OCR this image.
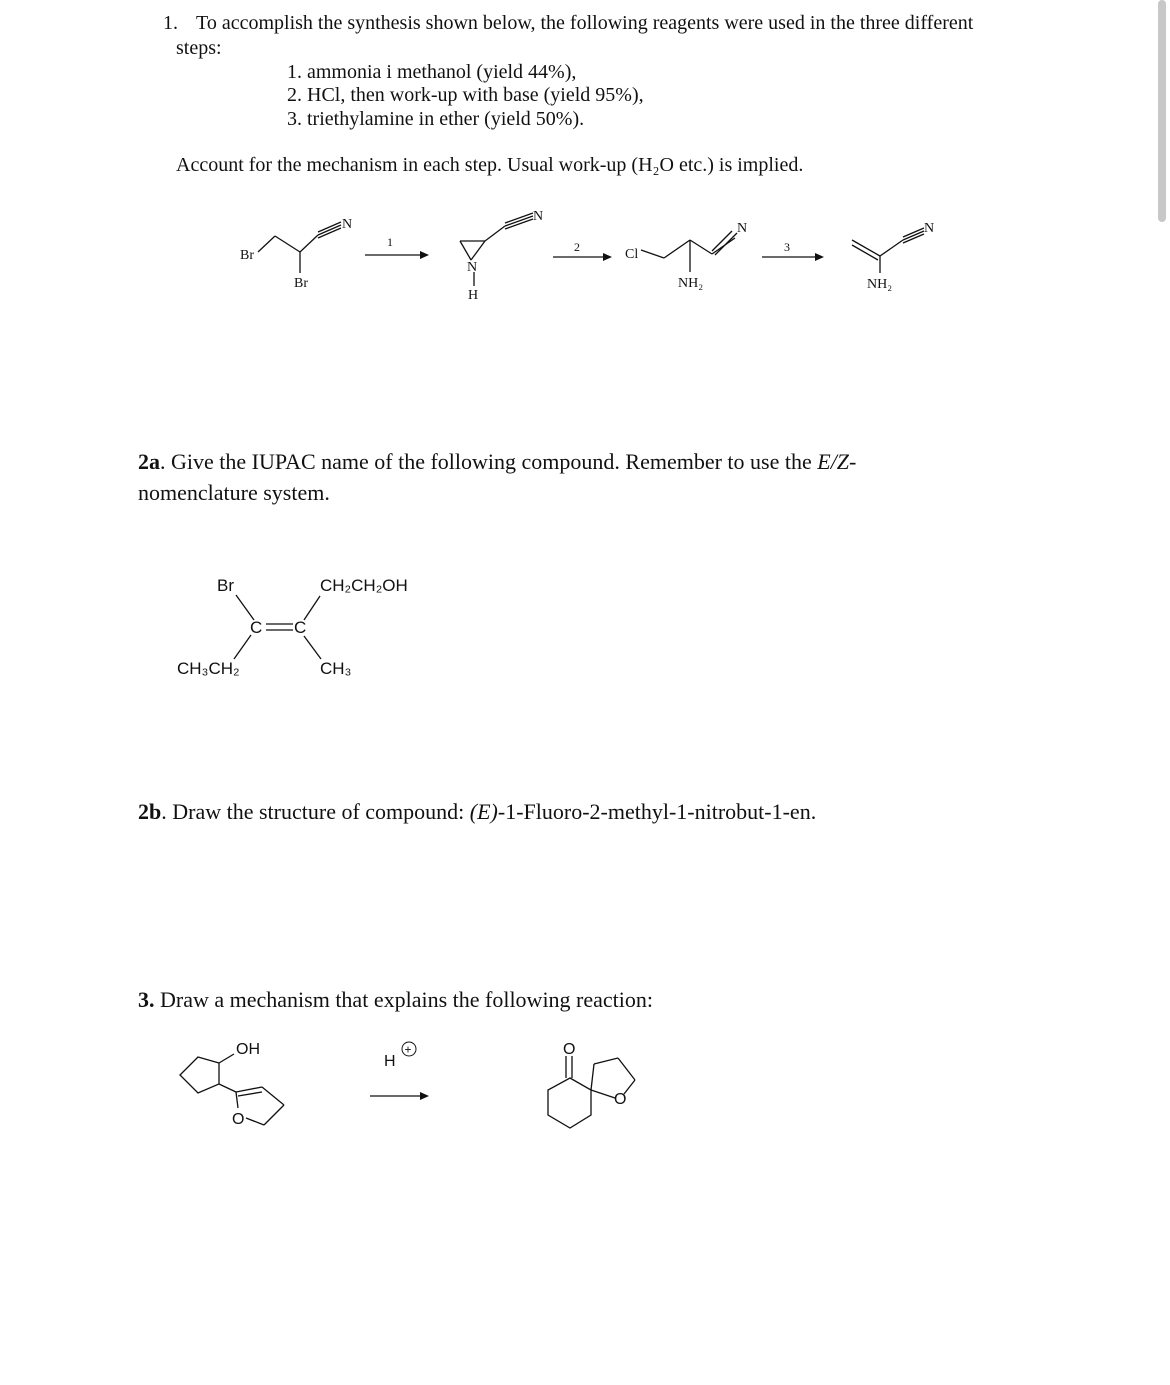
1. To accomplish the synthesis shown below, the following reagents were used in the three different
steps:
1. ammonia i methanol (yield 44%),
2. HCl, then work-up with base (yield 95%),
3. triethylamine in ether (yield 50%).
Account for the mechanism in each step. Usual work-up (H₂O etc.) is implied.
Br
Br
N
1
N
H
N
2	Cl
N
NH₂
3
N
NH₂
2a. Give the IUPAC name of the following compound. Remember to use the E/Z-
nomenclature system.
Br	CH₂CH₂OH
C C
CH₃CH₂	CH₃
2b. Draw the structure of compound: (E)-1-Fluoro-2-methyl-1-nitrobut-1-en.
3. Draw a mechanism that explains the following reaction:
OH
O
H
+	O
O
